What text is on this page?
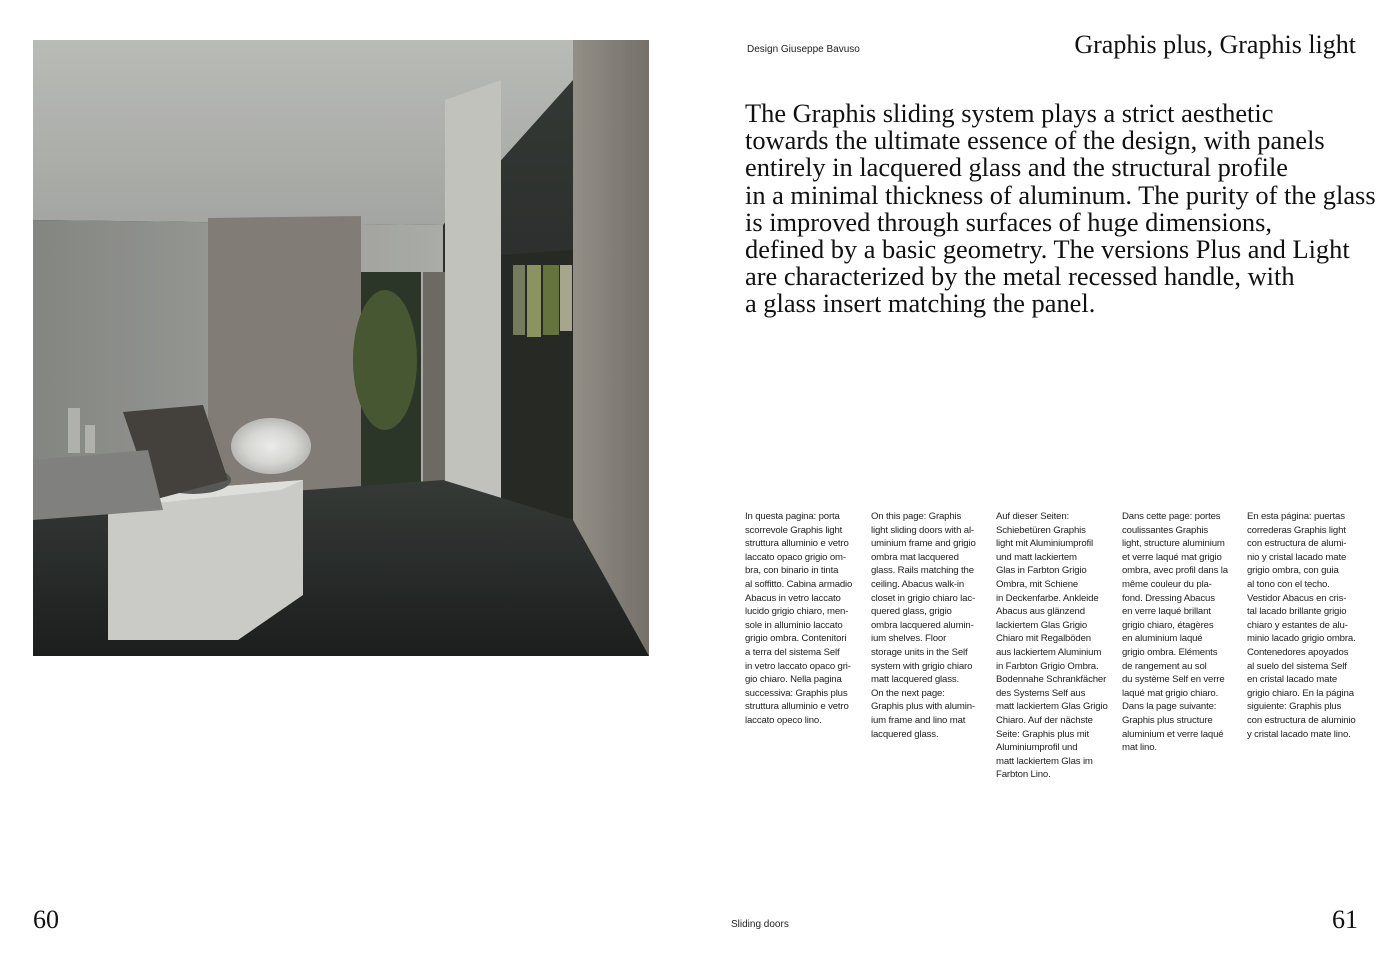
Design Giuseppe Bavuso	Graphis plus, Graphis light

The Graphis sliding system plays a strict aesthetic
towards the ultimate essence of the design, with panels
entirely in lacquered glass and the structural profile
in a minimal thickness of aluminum. The purity of the glass
is improved through surfaces of huge dimensions,
defined by a basic geometry. The versions Plus and Light
are characterized by the metal recessed handle, with
a glass insert matching the panel.

In questa pagina: porta
scorrevole Graphis light
struttura alluminio e vetro
laccato opaco grigio om-
bra, con binario in tinta
al soffitto. Cabina armadio
Abacus in vetro laccato
lucido grigio chiaro, men-
sole in alluminio laccato
grigio ombra. Contenitori
a terra del sistema Self
in vetro laccato opaco gri-
gio chiaro. Nella pagina
successiva: Graphis plus
struttura alluminio e vetro
laccato opeco lino.
On this page: Graphis
light sliding doors with al-
uminium frame and grigio
ombra mat lacquered
glass. Rails matching the
ceiling. Abacus walk-in
closet in grigio chiaro lac-
quered glass, grigio
ombra lacquered alumin-
ium shelves. Floor
storage units in the Self
system with grigio chiaro
matt lacquered glass.
On the next page:
Graphis plus with alumin-
ium frame and lino mat
lacquered glass.
Auf dieser Seiten:
Schiebetüren Graphis
light mit Aluminiumprofil
und matt lackiertem
Glas in Farbton Grigio
Ombra, mit Schiene
in Deckenfarbe. Ankleide
Abacus aus glänzend
lackiertem Glas Grigio
Chiaro mit Regalböden
aus lackiertem Aluminium
in Farbton Grigio Ombra.
Bodennahe Schrankfächer
des Systems Self aus
matt lackiertem Glas Grigio
Chiaro. Auf der nächste
Seite: Graphis plus mit
Aluminiumprofil und
matt lackiertem Glas im
Farbton Lino.
Dans cette page: portes
coulissantes Graphis
light, structure aluminium
et verre laqué mat grigio
ombra, avec profil dans la
même couleur du pla-
fond. Dressing Abacus
en verre laqué brillant
grigio chiaro, étagères
en aluminium laqué
grigio ombra. Eléments
de rangement au sol
du système Self en verre
laqué mat grigio chiaro.
Dans la page suivante:
Graphis plus structure
aluminium et verre laqué
mat lino.
En esta página: puertas
correderas Graphis light
con estructura de alumi-
nio y cristal lacado mate
grigio ombra, con guia
al tono con el techo.
Vestidor Abacus en cris-
tal lacado brillante grigio
chiaro y estantes de alu-
minio lacado grigio ombra.
Contenedores apoyados
al suelo del sistema Self
en cristal lacado mate
grigio chiaro. En la página
siguiente: Graphis plus
con estructura de aluminio
y cristal lacado mate lino.
60	Sliding doors	61
